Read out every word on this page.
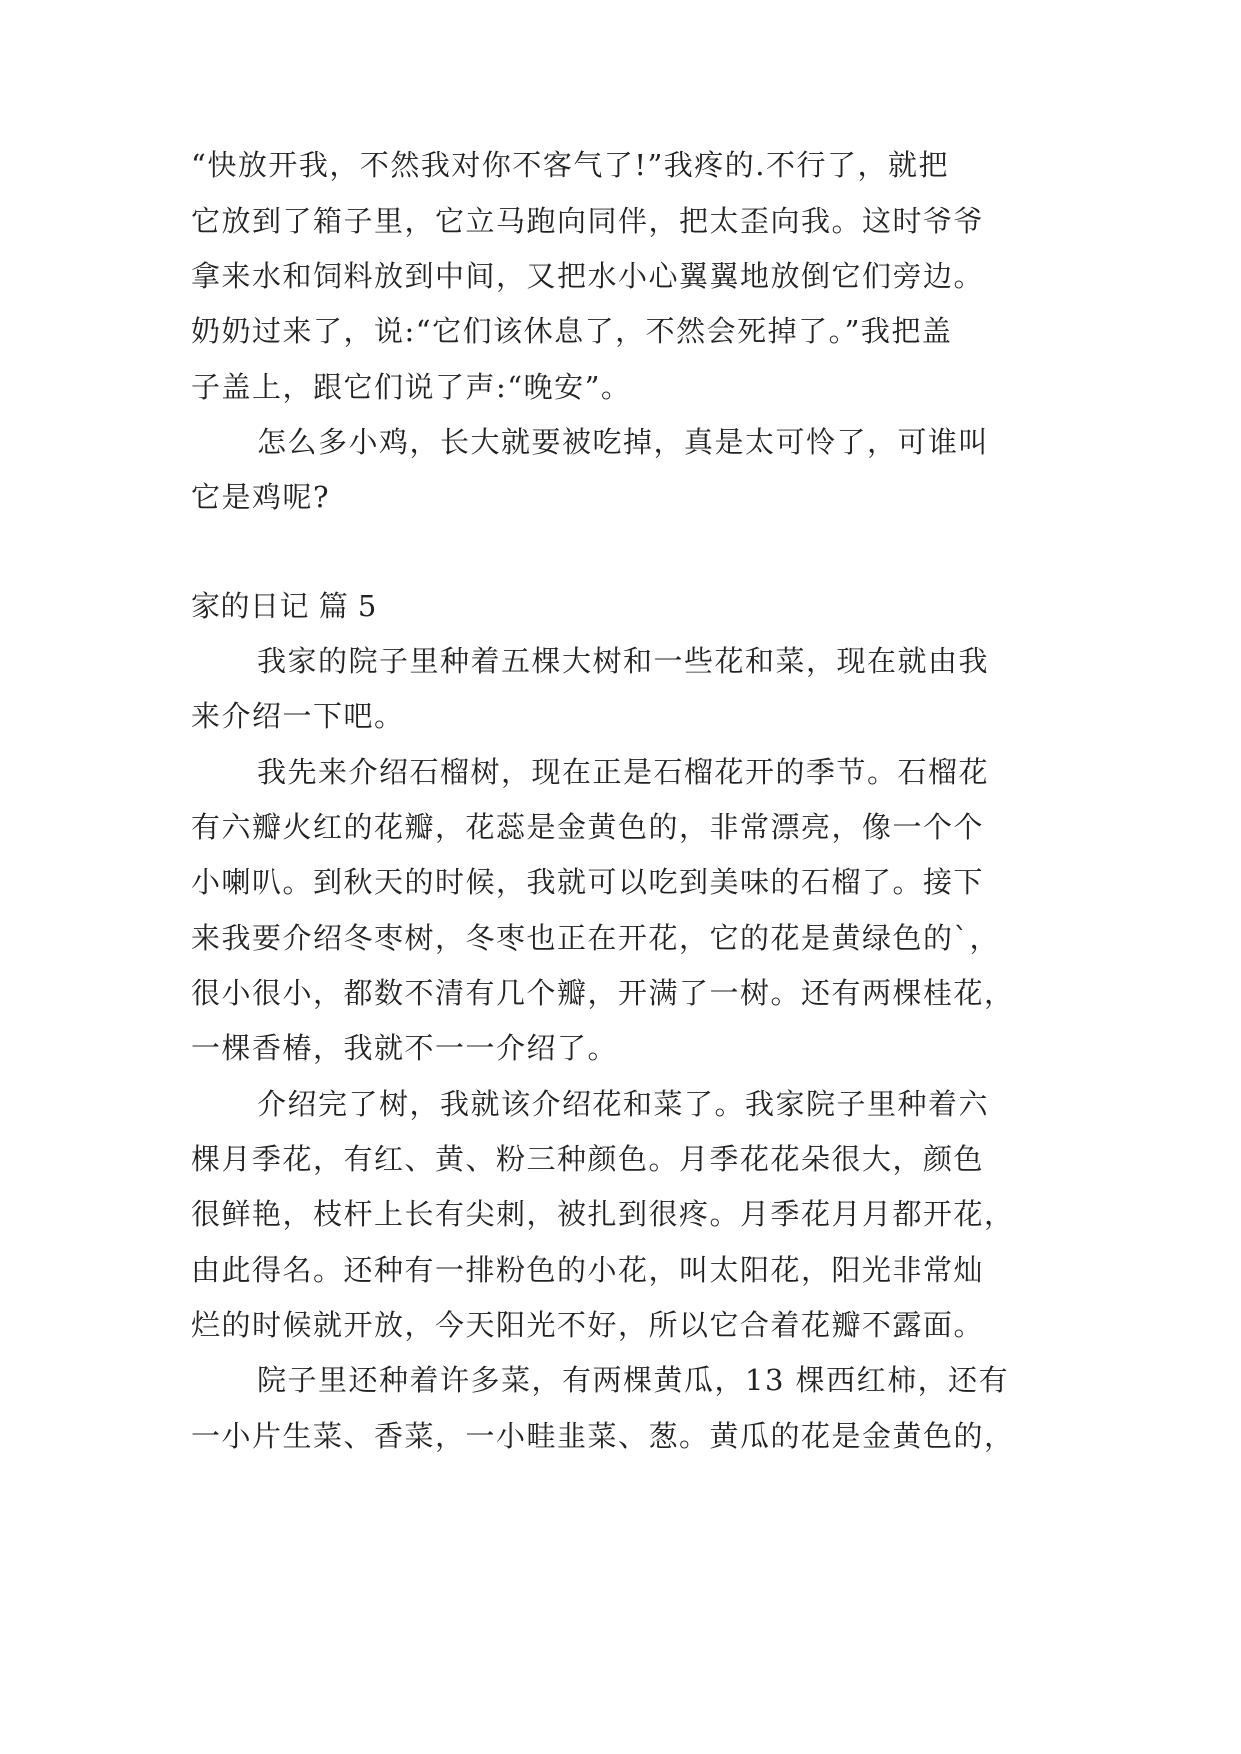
“快放开我，不然我对你不客气了!”我疼的.不行了，就把
它放到了箱子里，它立马跑向同伴，把太歪向我。这时爷爷
拿来水和饲料放到中间，又把水小心翼翼地放倒它们旁边。
奶奶过来了，说:“它们该休息了，不然会死掉了。”我把盖
子盖上，跟它们说了声:“晚安”。
怎么多小鸡，长大就要被吃掉，真是太可怜了，可谁叫
它是鸡呢?
家的日记 篇 5
我家的院子里种着五棵大树和一些花和菜，现在就由我
来介绍一下吧。
我先来介绍石榴树，现在正是石榴花开的季节。石榴花
有六瓣火红的花瓣，花蕊是金黄色的，非常漂亮，像一个个
小喇叭。到秋天的时候，我就可以吃到美味的石榴了。接下
来我要介绍冬枣树，冬枣也正在开花，它的花是黄绿色的`，
很小很小，都数不清有几个瓣，开满了一树。还有两棵桂花，
一棵香椿，我就不一一介绍了。
介绍完了树，我就该介绍花和菜了。我家院子里种着六
棵月季花，有红、黄、粉三种颜色。月季花花朵很大，颜色
很鲜艳，枝杆上长有尖刺，被扎到很疼。月季花月月都开花，
由此得名。还种有一排粉色的小花，叫太阳花，阳光非常灿
烂的时候就开放，今天阳光不好，所以它合着花瓣不露面。
院子里还种着许多菜，有两棵黄瓜，13 棵西红柿，还有
一小片生菜、香菜，一小畦韭菜、葱。黄瓜的花是金黄色的，
